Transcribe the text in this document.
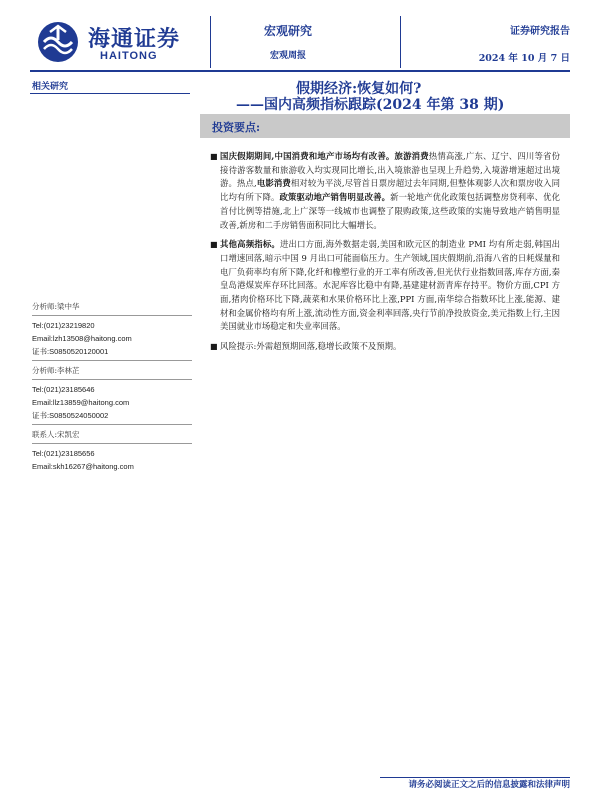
海通证券
HAITONG
宏观研究
宏观周报
证券研究报告
2024 年 10 月 7 日
相关研究	假期经济:恢复如何?
——国内高频指标跟踪(2024 年第 38 期)
投资要点:
■ 国庆假期期间,中国消费和地产市场均有改善。旅游消费热情高涨,广东、辽宁、四川等省份接待游客数量和旅游收入均实现同比增长,出入境旅游也呈现上升趋势,入境游增速超过出境游。热点,电影消费相对较为平淡,尽管首日票房超过去年同期,但整体观影人次和票房收入同比均有所下降。政策驱动地产销售明显改善。新一轮地产优化政策包括调整房贷利率、优化首付比例等措施,北上广深等一线城市也调整了限购政策,这些政策的实施导致地产销售明显改善,新房和二手房销售面积同比大幅增长。
■ 其他高频指标。进出口方面,海外数据走弱,美国和欧元区的制造业 PMI 均有所走弱,韩国出口增速回落,暗示中国 9 月出口可能面临压力。生产领域,国庆假期前,沿海八省的日耗煤量和电厂负荷率均有所下降,化纤和橡塑行业的开工率有所改善,但光伏行业指数回落,库存方面,秦皇岛港煤炭库存环比回落。水泥库容比稳中有降,基建建材沥青库存持平。物价方面,CPI 方面,猪肉价格环比下降,蔬菜和水果价格环比上涨,PPI 方面,南华综合指数环比上涨,能源、建材和金属价格均有所上涨,流动性方面,资金利率回落,央行节前净投放资金,美元指数上行,主因美国就业市场稳定和失业率回落。
■ 风险提示:外需超预期回落,稳增长政策不及预期。
分析师:梁中华
Tel:(021)23219820
Email:lzh13508@haitong.com
证书:S0850520120001
分析师:李林芷
Tel:(021)23185646
Email:llz13859@haitong.com
证书:S0850524050002
联系人:宋凯宏
Tel:(021)23185656
Email:skh16267@haitong.com
请务必阅读正文之后的信息披露和法律声明
